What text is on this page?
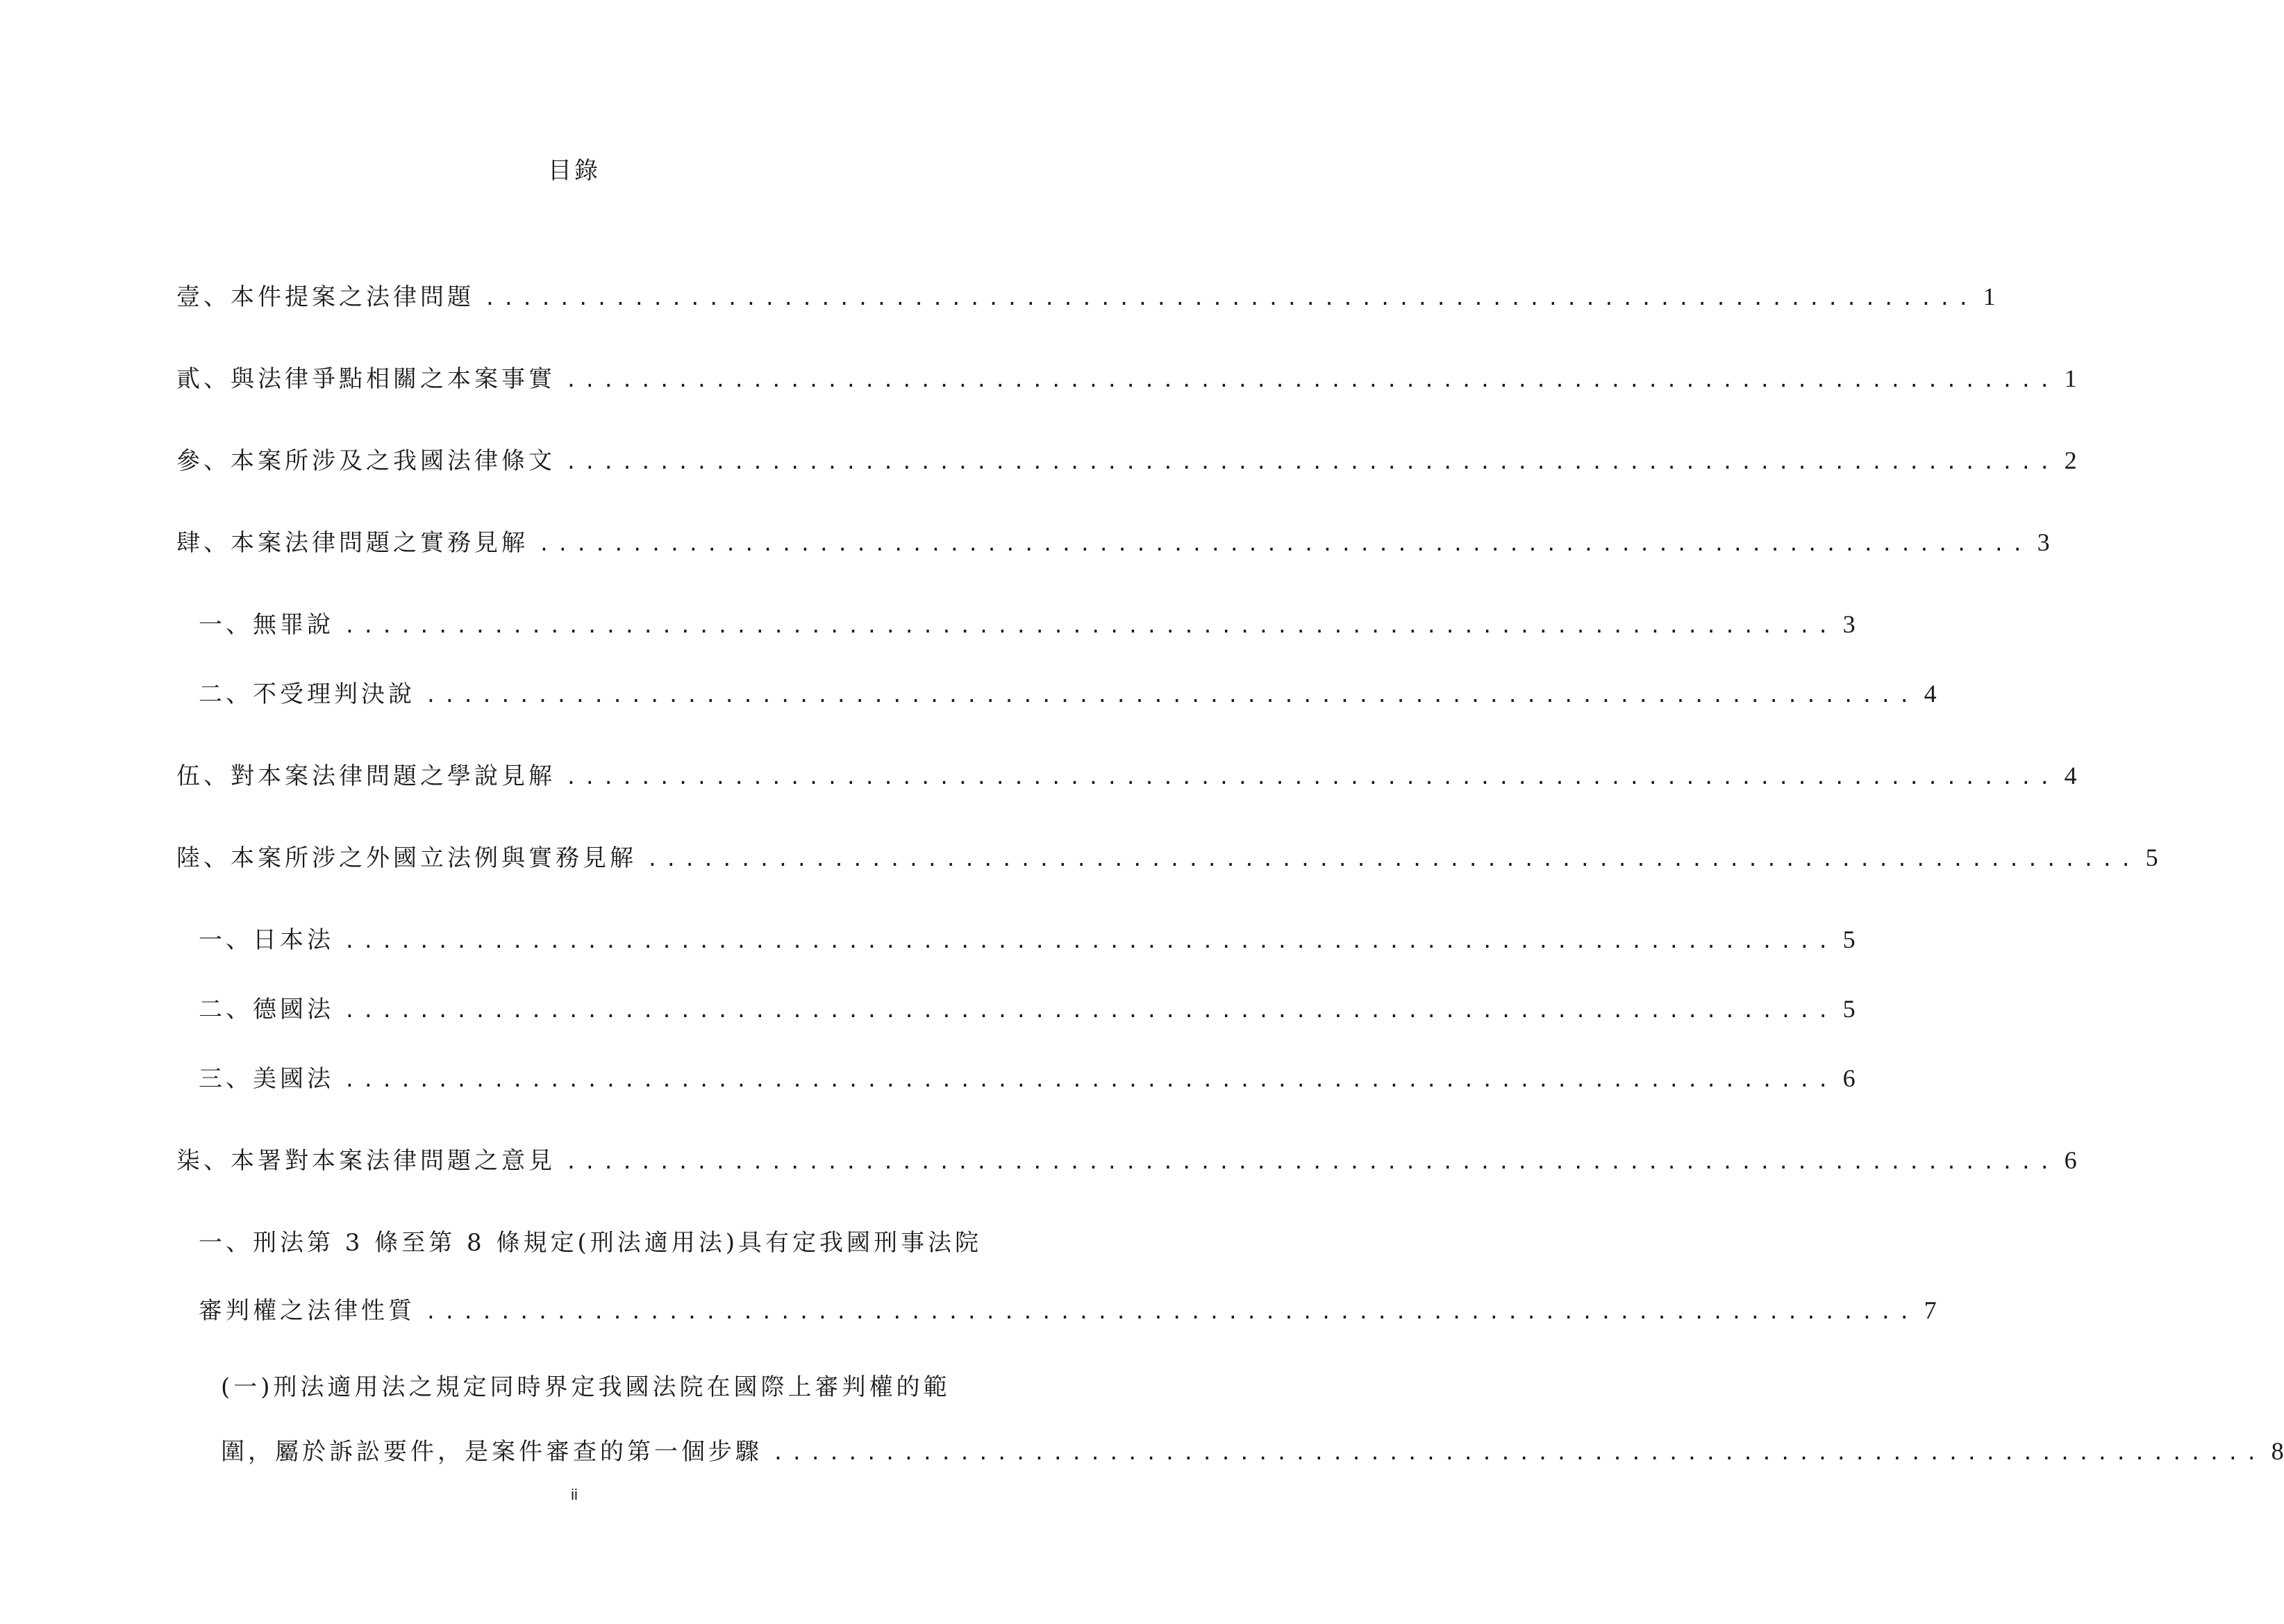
目錄
壹、本件提案之法律問題 ................................................................................ 1
貳、與法律爭點相關之本案事實 ................................................................................ 1
參、本案所涉及之我國法律條文 ................................................................................ 2
肆、本案法律問題之實務見解 ................................................................................ 3
一、無罪說 ................................................................................ 3
二、不受理判決說 ................................................................................ 4
伍、對本案法律問題之學說見解 ................................................................................ 4
陸、本案所涉之外國立法例與實務見解 ................................................................................ 5
一、日本法 ................................................................................ 5
二、德國法 ................................................................................ 5
三、美國法 ................................................................................ 6
柒、本署對本案法律問題之意見 ................................................................................ 6
一、刑法第 3 條至第 8 條規定(刑法適用法)具有定我國刑事法院
審判權之法律性質 ................................................................................ 7
(一)刑法適用法之規定同時界定我國法院在國際上審判權的範
圍，屬於訴訟要件，是案件審查的第一個步驟 ................................................................................ 8
ii
